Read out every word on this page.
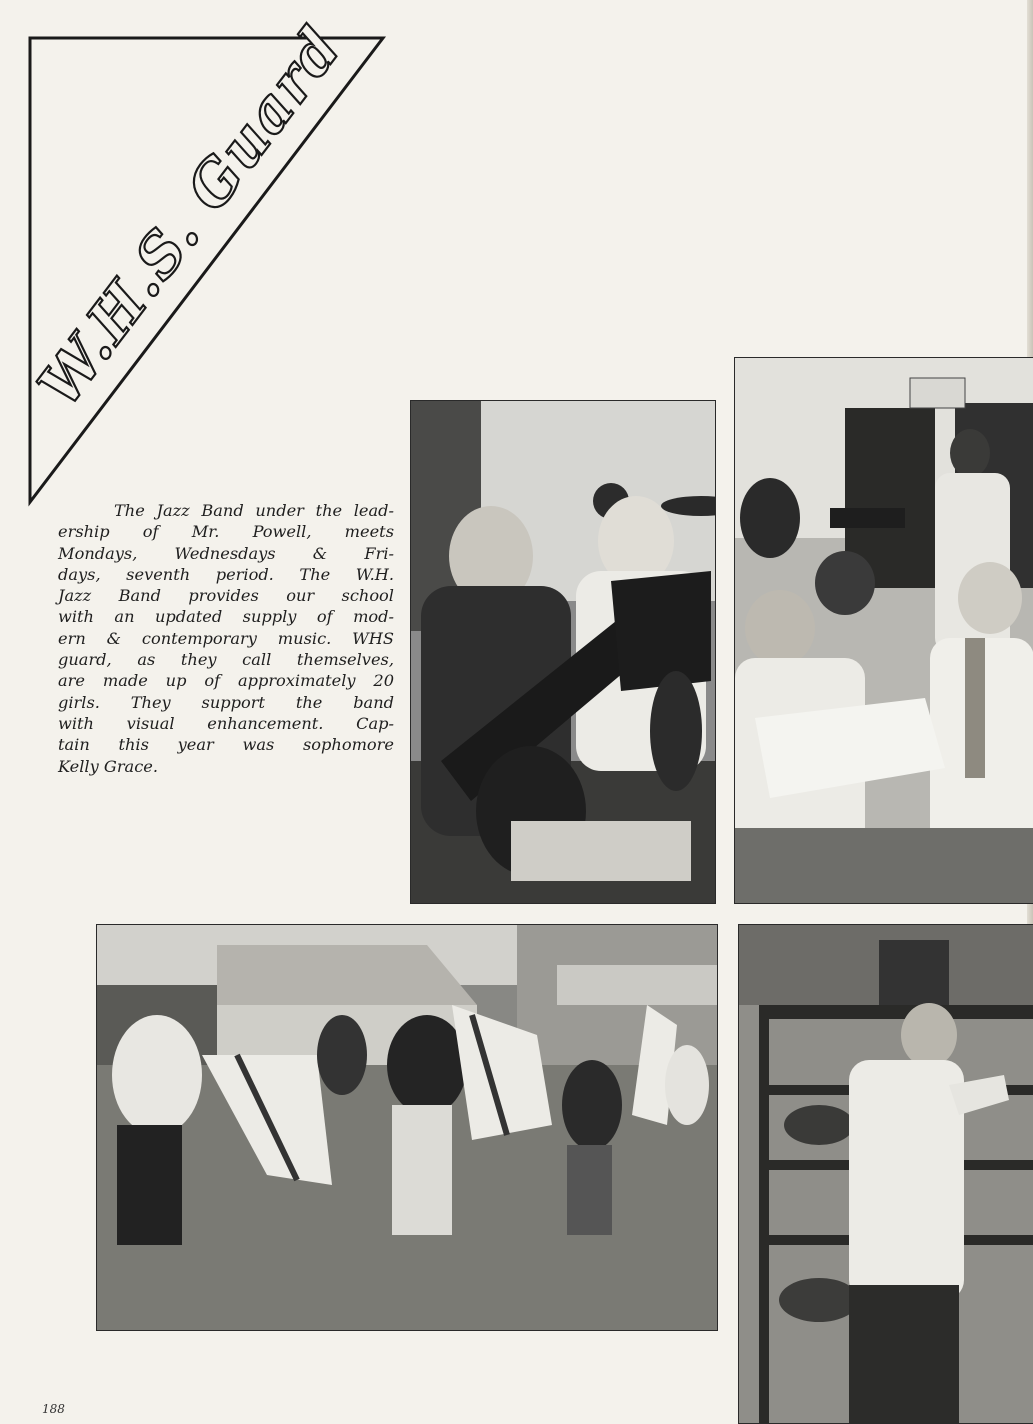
W.H.S. Guard

The Jazz Band under the lead-
ership of Mr. Powell, meets
Mondays, Wednesdays & Fri-
days, seventh period. The W.H.
Jazz Band provides our school
with an updated supply of mod-
ern & contemporary music. WHS
guard, as they call themselves,
are made up of approximately 20
girls. They support the band
with visual enhancement. Cap-
tain this year was sophomore
Kelly Grace.

188
